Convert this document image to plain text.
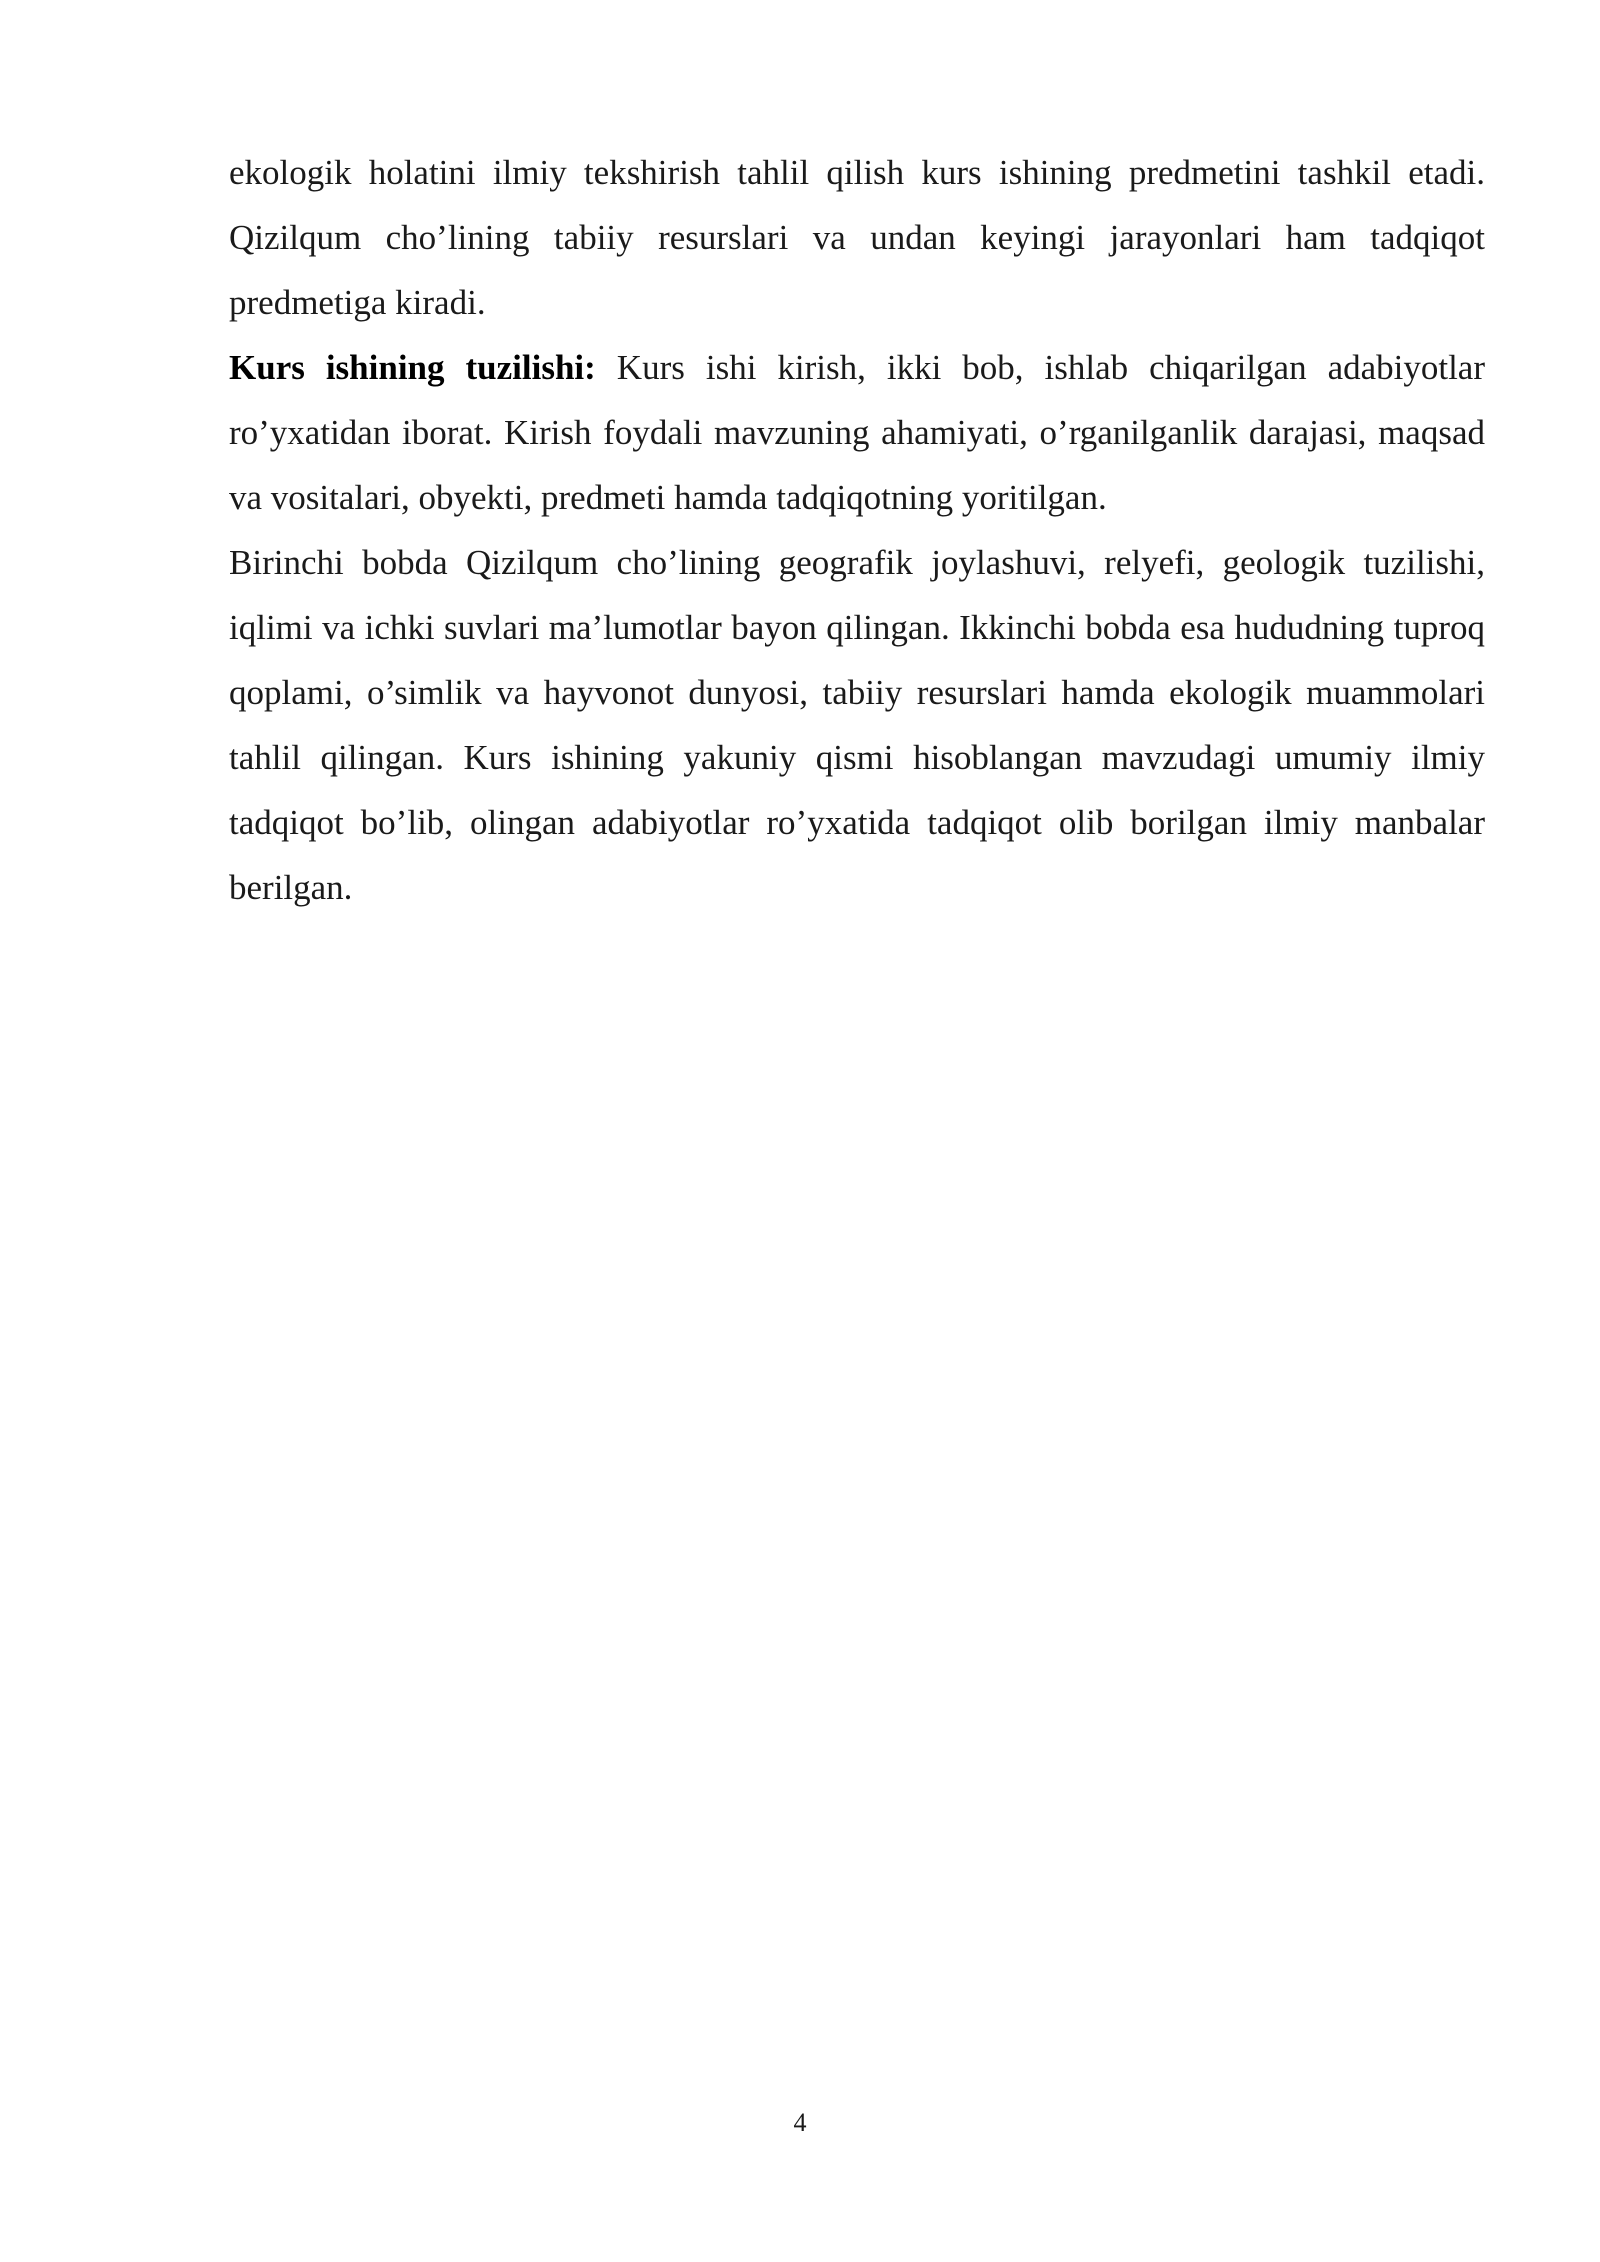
ekologik holatini ilmiy tekshirish tahlil qilish kurs ishining predmetini tashkil etadi. Qizilqum cho’lining tabiiy resurslari va undan keyingi jarayonlari ham tadqiqot predmetiga kiradi.

Kurs ishining tuzilishi: Kurs ishi kirish, ikki bob, ishlab chiqarilgan adabiyotlar ro’yxatidan iborat. Kirish foydali mavzuning ahamiyati, o’rganilganlik darajasi, maqsad va vositalari, obyekti, predmeti hamda tadqiqotning yoritilgan.

Birinchi bobda Qizilqum cho’lining geografik joylashuvi, relyefi, geologik tuzilishi, iqlimi va ichki suvlari ma’lumotlar bayon qilingan. Ikkinchi bobda esa hududning tuproq qoplami, o’simlik va hayvonot dunyosi, tabiiy resurslari hamda ekologik muammolari tahlil qilingan. Kurs ishining yakuniy qismi hisoblangan mavzudagi umumiy ilmiy tadqiqot bo’lib, olingan adabiyotlar ro’yxatida tadqiqot olib borilgan ilmiy manbalar berilgan.

4
